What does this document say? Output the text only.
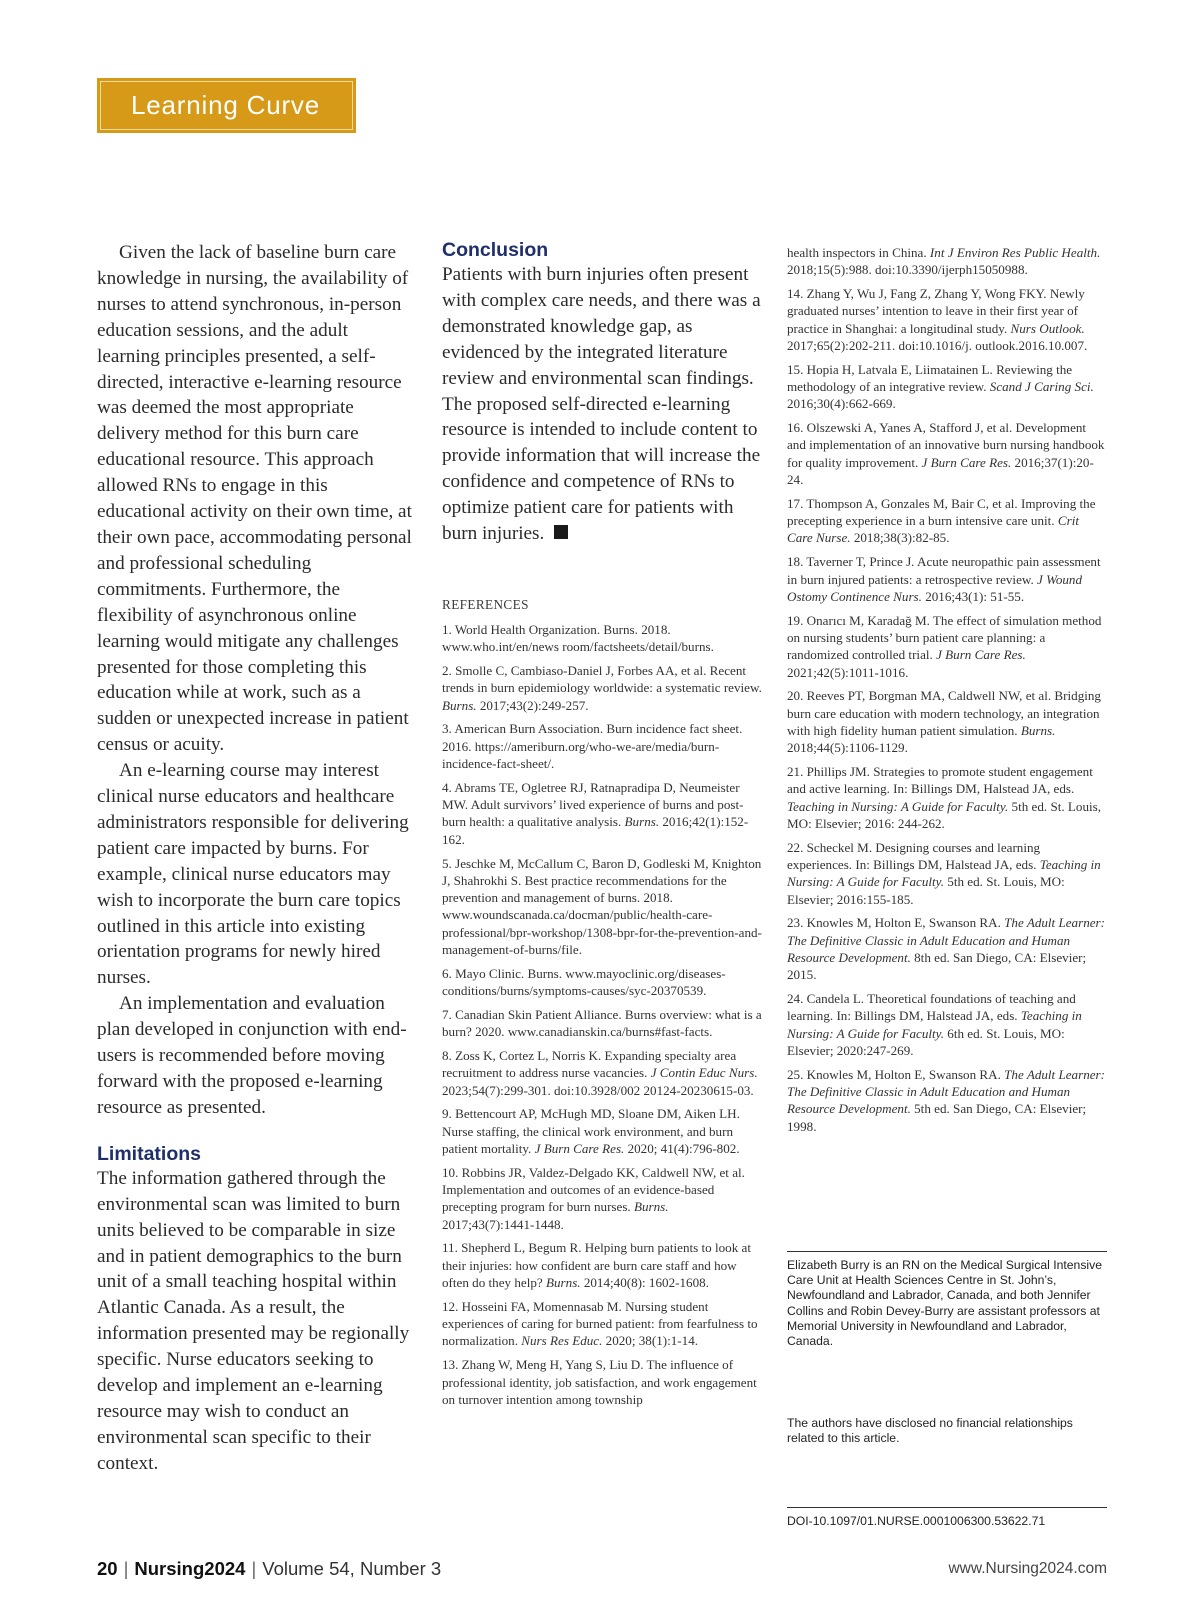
Learning Curve

Given the lack of baseline burn care knowledge in nursing, the availability of nurses to attend synchronous, in-person education sessions, and the adult learning principles presented, a self-directed, interactive e-learning resource was deemed the most appropriate delivery method for this burn care educational resource. This approach allowed RNs to engage in this educational activity on their own time, at their own pace, accommodating personal and professional scheduling commitments. Furthermore, the flexibility of asynchronous online learning would mitigate any challenges presented for those completing this education while at work, such as a sudden or unexpected increase in patient census or acuity.

An e-learning course may interest clinical nurse educators and healthcare administrators responsible for delivering patient care impacted by burns. For example, clinical nurse educators may wish to incorporate the burn care topics outlined in this article into existing orientation programs for newly hired nurses.

An implementation and evaluation plan developed in conjunction with end-users is recommended before moving forward with the proposed e-learning resource as presented.

Limitations

The information gathered through the environmental scan was limited to burn units believed to be comparable in size and in patient demographics to the burn unit of a small teaching hospital within Atlantic Canada. As a result, the information presented may be regionally specific. Nurse educators seeking to develop and implement an e-learning resource may wish to conduct an environmental scan specific to their context.

Conclusion

Patients with burn injuries often present with complex care needs, and there was a demonstrated knowledge gap, as evidenced by the integrated literature review and environmental scan findings. The proposed self-directed e-learning resource is intended to include content to provide information that will increase the confidence and competence of RNs to optimize patient care for patients with burn injuries.

REFERENCES

1. World Health Organization. Burns. 2018. www.who.int/en/news room/factsheets/detail/burns.

2. Smolle C, Cambiaso-Daniel J, Forbes AA, et al. Recent trends in burn epidemiology worldwide: a systematic review. Burns. 2017;43(2):249-257.

3. American Burn Association. Burn incidence fact sheet. 2016. https://ameriburn.org/who-we-are/media/burn-incidence-fact-sheet/.

4. Abrams TE, Ogletree RJ, Ratnapradipa D, Neumeister MW. Adult survivors’ lived experience of burns and post-burn health: a qualitative analysis. Burns. 2016;42(1):152-162.

5. Jeschke M, McCallum C, Baron D, Godleski M, Knighton J, Shahrokhi S. Best practice recommendations for the prevention and management of burns. 2018. www.woundscanada.ca/docman/public/health-care-professional/bpr-workshop/1308-bpr-for-the-prevention-and-management-of-burns/file.

6. Mayo Clinic. Burns. www.mayoclinic.org/diseases-conditions/burns/symptoms-causes/syc-20370539.

7. Canadian Skin Patient Alliance. Burns overview: what is a burn? 2020. www.canadianskin.ca/burns#fast-facts.

8. Zoss K, Cortez L, Norris K. Expanding specialty area recruitment to address nurse vacancies. J Contin Educ Nurs. 2023;54(7):299-301. doi:10.3928/002 20124-20230615-03.

9. Bettencourt AP, McHugh MD, Sloane DM, Aiken LH. Nurse staffing, the clinical work environment, and burn patient mortality. J Burn Care Res. 2020; 41(4):796-802.

10. Robbins JR, Valdez-Delgado KK, Caldwell NW, et al. Implementation and outcomes of an evidence-based precepting program for burn nurses. Burns. 2017;43(7):1441-1448.

11. Shepherd L, Begum R. Helping burn patients to look at their injuries: how confident are burn care staff and how often do they help? Burns. 2014;40(8): 1602-1608.

12. Hosseini FA, Momennasab M. Nursing student experiences of caring for burned patient: from fearfulness to normalization. Nurs Res Educ. 2020; 38(1):1-14.

13. Zhang W, Meng H, Yang S, Liu D. The influence of professional identity, job satisfaction, and work engagement on turnover intention among township

health inspectors in China. Int J Environ Res Public Health. 2018;15(5):988. doi:10.3390/ijerph15050988.

14. Zhang Y, Wu J, Fang Z, Zhang Y, Wong FKY. Newly graduated nurses’ intention to leave in their first year of practice in Shanghai: a longitudinal study. Nurs Outlook. 2017;65(2):202-211. doi:10.1016/j. outlook.2016.10.007.

15. Hopia H, Latvala E, Liimatainen L. Reviewing the methodology of an integrative review. Scand J Caring Sci. 2016;30(4):662-669.

16. Olszewski A, Yanes A, Stafford J, et al. Development and implementation of an innovative burn nursing handbook for quality improvement. J Burn Care Res. 2016;37(1):20-24.

17. Thompson A, Gonzales M, Bair C, et al. Improving the precepting experience in a burn intensive care unit. Crit Care Nurse. 2018;38(3):82-85.

18. Taverner T, Prince J. Acute neuropathic pain assessment in burn injured patients: a retrospective review. J Wound Ostomy Continence Nurs. 2016;43(1): 51-55.

19. Onarıcı M, Karadağ M. The effect of simulation method on nursing students’ burn patient care planning: a randomized controlled trial. J Burn Care Res. 2021;42(5):1011-1016.

20. Reeves PT, Borgman MA, Caldwell NW, et al. Bridging burn care education with modern technology, an integration with high fidelity human patient simulation. Burns. 2018;44(5):1106-1129.

21. Phillips JM. Strategies to promote student engagement and active learning. In: Billings DM, Halstead JA, eds. Teaching in Nursing: A Guide for Faculty. 5th ed. St. Louis, MO: Elsevier; 2016: 244-262.

22. Scheckel M. Designing courses and learning experiences. In: Billings DM, Halstead JA, eds. Teaching in Nursing: A Guide for Faculty. 5th ed. St. Louis, MO: Elsevier; 2016:155-185.

23. Knowles M, Holton E, Swanson RA. The Adult Learner: The Definitive Classic in Adult Education and Human Resource Development. 8th ed. San Diego, CA: Elsevier; 2015.

24. Candela L. Theoretical foundations of teaching and learning. In: Billings DM, Halstead JA, eds. Teaching in Nursing: A Guide for Faculty. 6th ed. St. Louis, MO: Elsevier; 2020:247-269.

25. Knowles M, Holton E, Swanson RA. The Adult Learner: The Definitive Classic in Adult Education and Human Resource Development. 5th ed. San Diego, CA: Elsevier; 1998.

Elizabeth Burry is an RN on the Medical Surgical Intensive Care Unit at Health Sciences Centre in St. John’s, Newfoundland and Labrador, Canada, and both Jennifer Collins and Robin Devey-Burry are assistant professors at Memorial University in Newfoundland and Labrador, Canada.
The authors have disclosed no financial relationships related to this article.
DOI-10.1097/01.NURSE.0001006300.53622.71
20 | Nursing2024 | Volume 54, Number 3	www.Nursing2024.com
